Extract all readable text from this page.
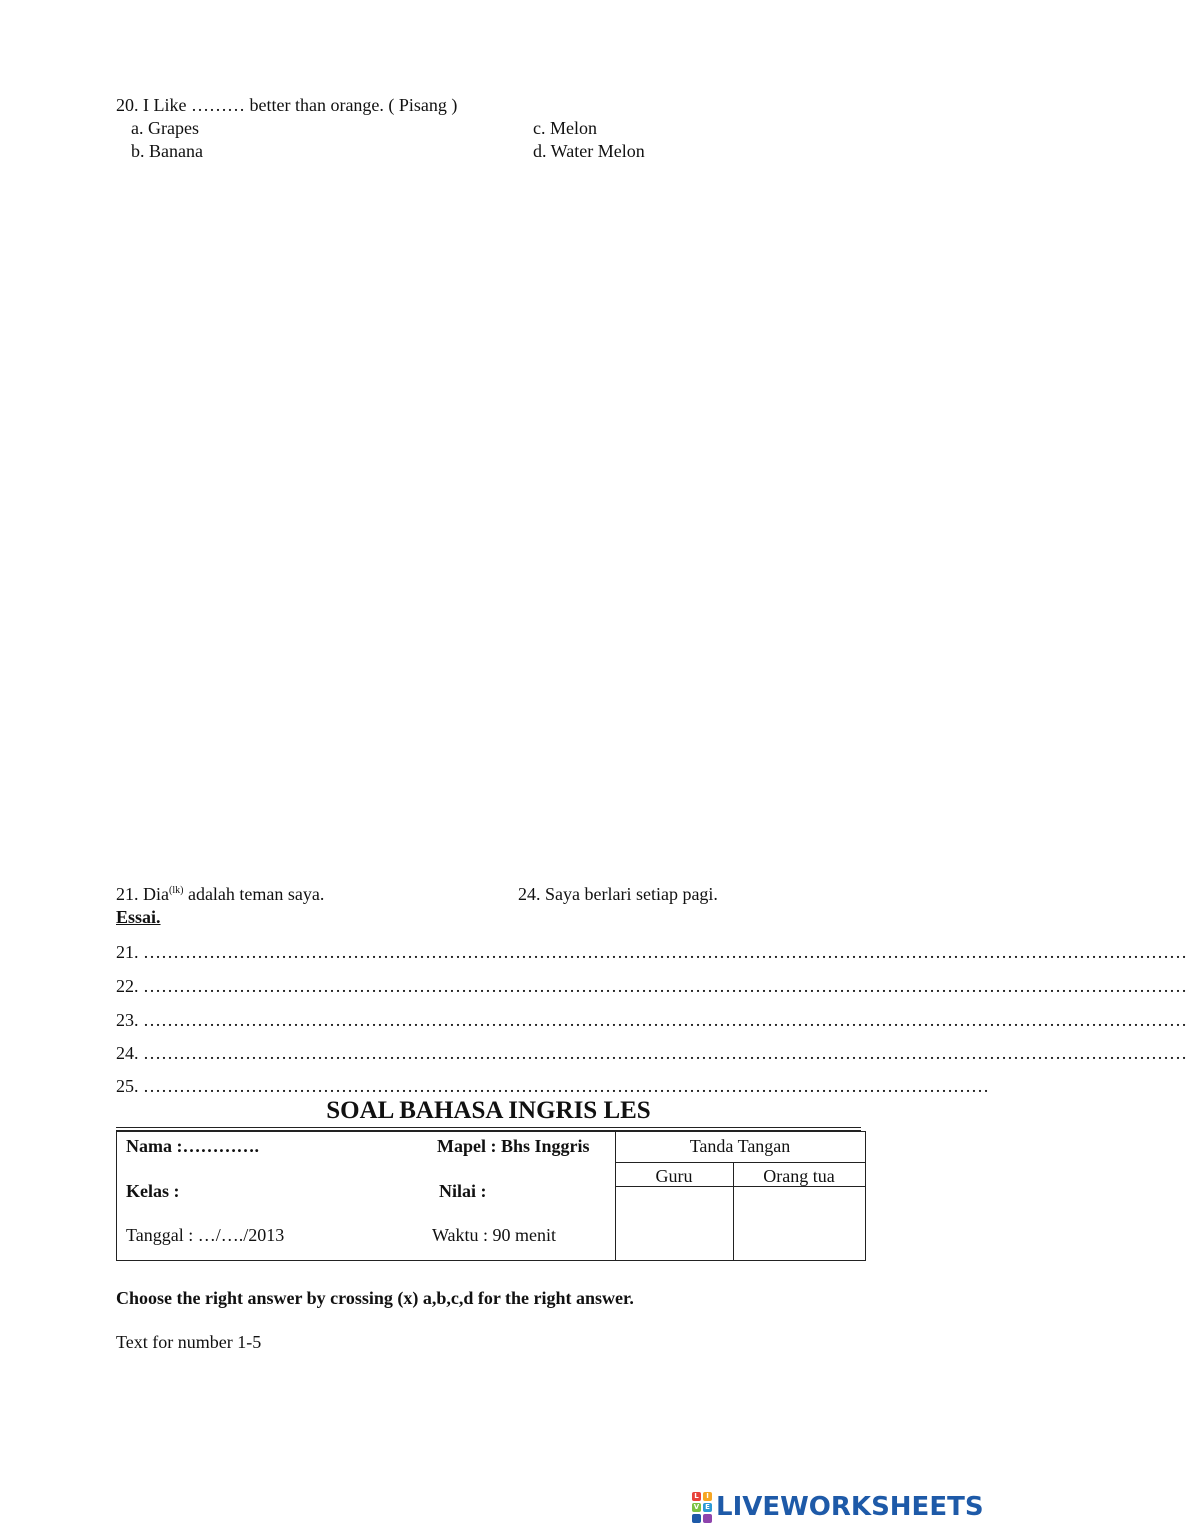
20. I Like ……… better than orange. ( Pisang )
a. Grapes
b. Banana
c. Melon
d. Water Melon
21. Dia$^{(lk)}$ adalah teman saya.	24. Saya berlari setiap pagi.
Essai.
21. …………………………………………………………………………………………………………………………………………………………
22. …………………………………………………………………………………………………………………………………………………………
23. …………………………………………………………………………………………………………………………………………………………
24. …………………………………………………………………………………………………………………………………………………………
25. ……………………………………………………………………………………………………………………………
SOAL BAHASA INGRIS LES
Nama :………….	Mapel : Bhs Inggris
Kelas :	Nilai :
Tanggal : …/…./2013	Waktu : 90 menit
Tanda Tangan
Guru	Orang tua
Choose the right answer by crossing (x) a,b,c,d for the right answer.
Text for number 1-5
L	I
V E LIVEWORKSHEETS
